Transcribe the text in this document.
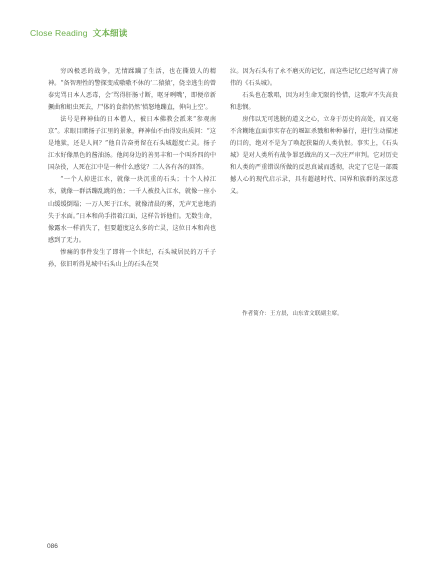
Close Reading 文本细读

穷凶极恶的战争，无情蹂躏了生活，也在撕毁人的精神。“备智理性的警探变成嗷嗷不休的‘二猿猿’，侥幸逃生的曾泰宪骂日本人恶毒，会‘骂得肝肠寸断，呕牙咧嘴’，即便帝新撅曲和蛆虫死去，尸体的食指仍然‘愤怒地蹦直，伸向上空’。

法号是释神仙的日本僧人，被日本佛教会派来“参观南京”。求眼目睹扬子江里的景象，释神仙不由得发出质问：“这是地狱，还是人间？”他自告奋勇留在石头城超度亡灵。扬子江水好像黑色的酱油汤。他问身边的善男丰和一个叫乔四的中国杂役，人死在江中是一种什么感觉？二人各有各的回答。

“一个人掉进江水，就像一块沉重的石头；十个人掉江水，就像一群活蹦乱跳的鱼；一千人被投入江水，就像一座小山缓缓倒塌；一万人死于江水，就像清晨的雾，无声无息地消失于水面。”日本和尚手指着江面，这样告诉他们。无数生命，像露水一样消失了，但要超度这么多的亡灵，这位日本和尚也感到了无力。

惨痛的事件发生了即将一个世纪，石头城居民的万千子孙，依旧听得见城中石头山上的石头在哭

泣。因为石头有了永不磨灭的记忆，而这些记忆已经写满了房伟的《石头城》。

石头也在歌唱，因为对生命无限的怜惜，这歌声不失高贵和悲悯。

房伟以无可逃脱的道义之心，立身于历史的高处，而又毫不含糊地直面事实存在的堰缸杀戮和种种暴行，进行生动描述的目的，绝对不是为了唤起狭隘的人类仇恨。事实上，《石头城》是对人类所有战争罪恶做出的又一次庄严审判。它对历史和人类的严重错误所做的反思真诚而透彻，决定了它是一部震撼人心的现代启示录，具有超越时代、国界和族群的深远意义。

作者简介：王方晨，山东省文联副主席。
086
